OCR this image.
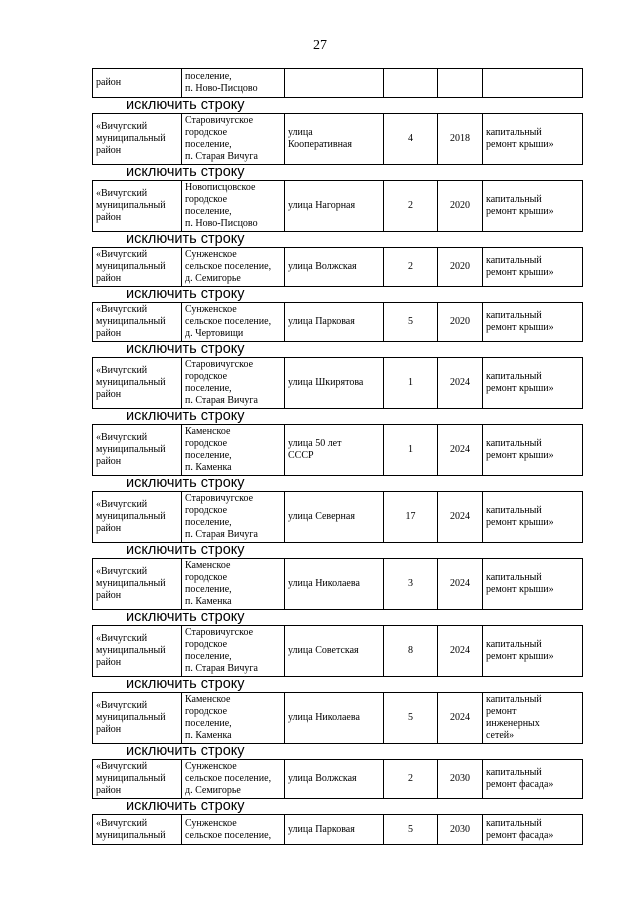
27
район

поселение,
п. Ново-Писцово

исключить строку
«Вичугский
муниципальный
район

Старовичугское
городское
поселение,
п. Старая Вичуга

улица
Кооперативная

4	2018

капитальный
ремонт крыши»
исключить строку
«Вичугский
муниципальный
район

Новописцовское
городское
поселение,
п. Ново-Писцово

улица Нагорная	2	2020

капитальный
ремонт крыши»
исключить строку
«Вичугский
муниципальный
район

Сунженское
сельское поселение,
д. Семигорье

улица Волжская	2	2020

капитальный
ремонт крыши»
исключить строку
«Вичугский
муниципальный
район

Сунженское
сельское поселение,
д. Чертовищи

улица Парковая	5	2020

капитальный
ремонт крыши»
исключить строку
«Вичугский
муниципальный
район

Старовичугское
городское
поселение,
п. Старая Вичуга

улица Шкирятова	1	2024

капитальный
ремонт крыши»
исключить строку
«Вичугский
муниципальный
район

Каменское
городское
поселение,
п. Каменка

улица 50 лет
СССР

1	2024

капитальный
ремонт крыши»
исключить строку
«Вичугский
муниципальный
район

Старовичугское
городское
поселение,
п. Старая Вичуга

улица Северная	17	2024

капитальный
ремонт крыши»
исключить строку
«Вичугский
муниципальный
район

Каменское
городское
поселение,
п. Каменка

улица Николаева	3	2024

капитальный
ремонт крыши»
исключить строку
«Вичугский
муниципальный
район

Старовичугское
городское
поселение,
п. Старая Вичуга

улица Советская	8	2024

капитальный
ремонт крыши»
исключить строку
«Вичугский
муниципальный
район

Каменское
городское
поселение,
п. Каменка

улица Николаева	5	2024

капитальный
ремонт
инженерных
сетей»
исключить строку
«Вичугский
муниципальный
район

Сунженское
сельское поселение,
д. Семигорье

улица Волжская	2	2030

капитальный
ремонт фасада»
исключить строку
«Вичугский
муниципальный

Сунженское
сельское поселение,

улица Парковая	5	2030

капитальный
ремонт фасада»
